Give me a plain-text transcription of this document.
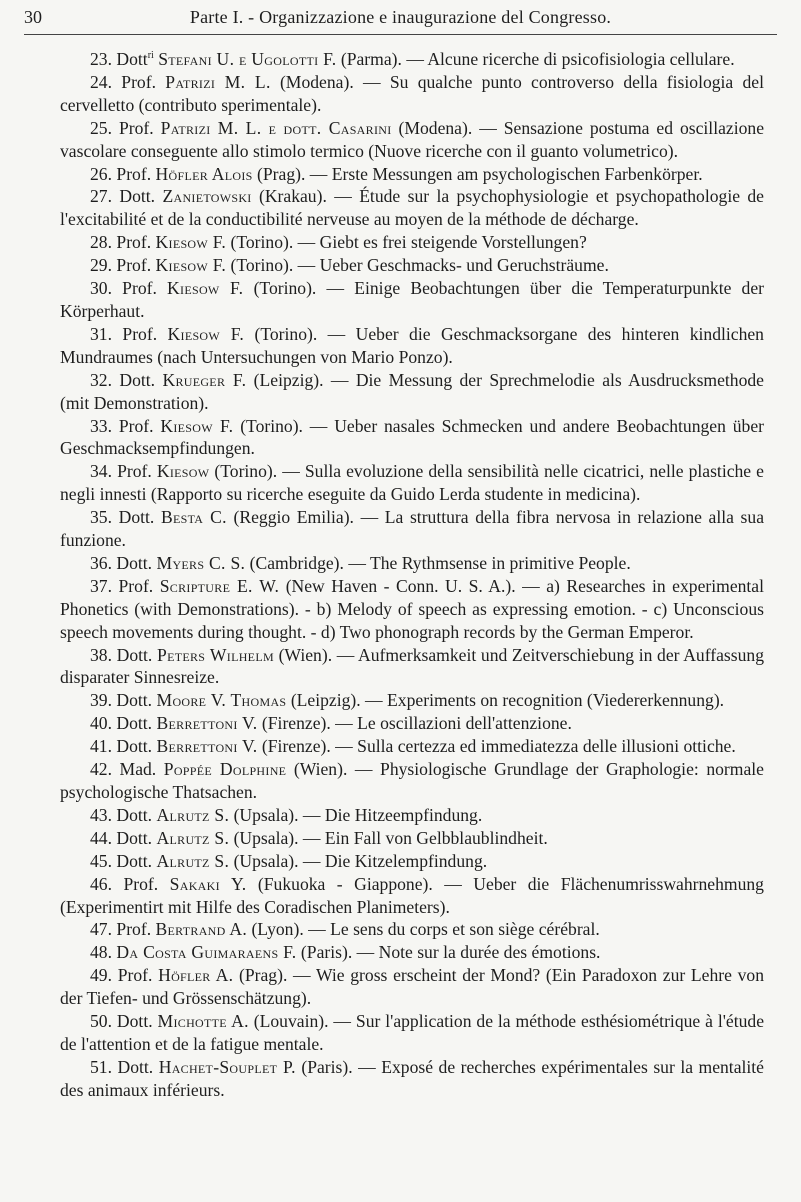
30	Parte I. - Organizzazione e inaugurazione del Congresso.

23. Dott$^{ri}$ Stefani U. e Ugolotti F. (Parma). — Alcune ricerche di psicofisiologia cellulare.

24. Prof. Patrizi M. L. (Modena). — Su qualche punto controverso della fisiologia del cervelletto (contributo sperimentale).

25. Prof. Patrizi M. L. e dott. Casarini (Modena). — Sensazione postuma ed oscillazione vascolare conseguente allo stimolo termico (Nuove ricerche con il guanto volumetrico).

26. Prof. Höfler Alois (Prag). — Erste Messungen am psychologischen Farbenkörper.

27. Dott. Zanietowski (Krakau). — Étude sur la psychophysiologie et psychopathologie de l'excitabilité et de la conductibilité nerveuse au moyen de la méthode de décharge.

28. Prof. Kiesow F. (Torino). — Giebt es frei steigende Vorstellungen?

29. Prof. Kiesow F. (Torino). — Ueber Geschmacks- und Geruchsträume.

30. Prof. Kiesow F. (Torino). — Einige Beobachtungen über die Temperaturpunkte der Körperhaut.

31. Prof. Kiesow F. (Torino). — Ueber die Geschmacksorgane des hinteren kindlichen Mundraumes (nach Untersuchungen von Mario Ponzo).

32. Dott. Krueger F. (Leipzig). — Die Messung der Sprechmelodie als Ausdrucksmethode (mit Demonstration).

33. Prof. Kiesow F. (Torino). — Ueber nasales Schmecken und andere Beobachtungen über Geschmacksempfindungen.

34. Prof. Kiesow (Torino). — Sulla evoluzione della sensibilità nelle cicatrici, nelle plastiche e negli innesti (Rapporto su ricerche eseguite da Guido Lerda studente in medicina).

35. Dott. Besta C. (Reggio Emilia). — La struttura della fibra nervosa in relazione alla sua funzione.

36. Dott. Myers C. S. (Cambridge). — The Rythmsense in primitive People.

37. Prof. Scripture E. W. (New Haven - Conn. U. S. A.). — a) Researches in experimental Phonetics (with Demonstrations). - b) Melody of speech as expressing emotion. - c) Unconscious speech movements during thought. - d) Two phonograph records by the German Emperor.

38. Dott. Peters Wilhelm (Wien). — Aufmerksamkeit und Zeitverschiebung in der Auffassung disparater Sinnesreize.

39. Dott. Moore V. Thomas (Leipzig). — Experiments on recognition (Viedererkennung).

40. Dott. Berrettoni V. (Firenze). — Le oscillazioni dell'attenzione.

41. Dott. Berrettoni V. (Firenze). — Sulla certezza ed immediatezza delle illusioni ottiche.

42. Mad. Poppée Dolphine (Wien). — Physiologische Grundlage der Graphologie: normale psychologische Thatsachen.

43. Dott. Alrutz S. (Upsala). — Die Hitzeempfindung.

44. Dott. Alrutz S. (Upsala). — Ein Fall von Gelbblaublindheit.

45. Dott. Alrutz S. (Upsala). — Die Kitzelempfindung.

46. Prof. Sakaki Y. (Fukuoka - Giappone). — Ueber die Flächenumrisswahrnehmung (Experimentirt mit Hilfe des Coradischen Planimeters).

47. Prof. Bertrand A. (Lyon). — Le sens du corps et son siège cérébral.

48. Da Costa Guimaraens F. (Paris). — Note sur la durée des émotions.

49. Prof. Höfler A. (Prag). — Wie gross erscheint der Mond? (Ein Paradoxon zur Lehre von der Tiefen- und Grössenschätzung).

50. Dott. Michotte A. (Louvain). — Sur l'application de la méthode esthésiométrique à l'étude de l'attention et de la fatigue mentale.

51. Dott. Hachet-Souplet P. (Paris). — Exposé de recherches expérimentales sur la mentalité des animaux inférieurs.
